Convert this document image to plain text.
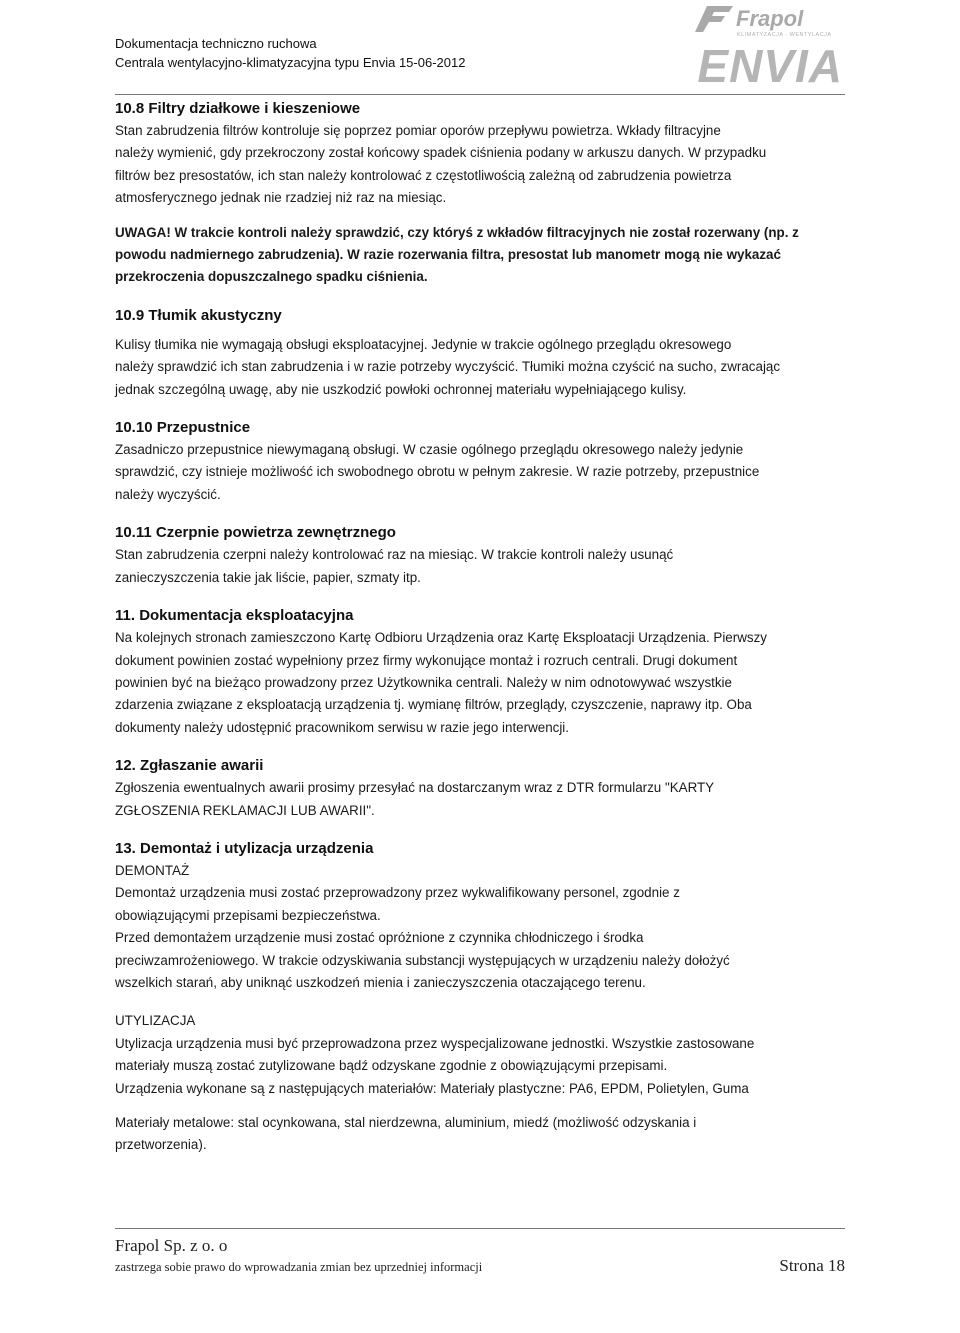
Dokumentacja techniczno ruchowa
Centrala wentylacyjno-klimatyzacyjna typu Envia 15-06-2012
Frapol
KLIMATYZACJA · WENTYLACJA
ENVIA

10.8 Filtry działkowe i kieszeniowe

Stan zabrudzenia filtrów kontroluje się poprzez pomiar oporów przepływu powietrza. Wkłady filtracyjne

należy wymienić, gdy przekroczony został końcowy spadek ciśnienia podany w arkuszu danych. W przypadku

filtrów bez presostatów, ich stan należy kontrolować z częstotliwością zależną od zabrudzenia powietrza

atmosferycznego jednak nie rzadziej niż raz na miesiąc.

UWAGA! W trakcie kontroli należy sprawdzić, czy któryś z wkładów filtracyjnych nie został rozerwany (np. z

powodu nadmiernego zabrudzenia). W razie rozerwania filtra, presostat lub manometr mogą nie wykazać

przekroczenia dopuszczalnego spadku ciśnienia.

10.9 Tłumik akustyczny

Kulisy tłumika nie wymagają obsługi eksploatacyjnej. Jedynie w trakcie ogólnego przeglądu okresowego

należy sprawdzić ich stan zabrudzenia i w razie potrzeby wyczyścić. Tłumiki można czyścić na sucho, zwracając

jednak szczególną uwagę, aby nie uszkodzić powłoki ochronnej materiału wypełniającego kulisy.

10.10 Przepustnice

Zasadniczo przepustnice niewymaganą obsługi. W czasie ogólnego przeglądu okresowego należy jedynie

sprawdzić, czy istnieje możliwość ich swobodnego obrotu w pełnym zakresie. W razie potrzeby, przepustnice

należy wyczyścić.

10.11 Czerpnie powietrza zewnętrznego

Stan zabrudzenia czerpni należy kontrolować raz na miesiąc. W trakcie kontroli należy usunąć

zanieczyszczenia takie jak liście, papier, szmaty itp.

11. Dokumentacja eksploatacyjna

Na kolejnych stronach zamieszczono Kartę Odbioru Urządzenia oraz Kartę Eksploatacji Urządzenia. Pierwszy

dokument powinien zostać wypełniony przez firmy wykonujące montaż i rozruch centrali. Drugi dokument

powinien być na bieżąco prowadzony przez Użytkownika centrali. Należy w nim odnotowywać wszystkie

zdarzenia związane z eksploatacją urządzenia tj. wymianę filtrów, przeglądy, czyszczenie, naprawy itp. Oba

dokumenty należy udostępnić pracownikom serwisu w razie jego interwencji.

12. Zgłaszanie awarii

Zgłoszenia ewentualnych awarii prosimy przesyłać na dostarczanym wraz z DTR formularzu "KARTY

ZGŁOSZENIA REKLAMACJI LUB AWARII".

13. Demontaż i utylizacja urządzenia

DEMONTAŻ

Demontaż urządzenia musi zostać przeprowadzony przez wykwalifikowany personel, zgodnie z

obowiązującymi przepisami bezpieczeństwa.

Przed demontażem urządzenie musi zostać opróżnione z czynnika chłodniczego i środka

preciwzamrożeniowego. W trakcie odzyskiwania substancji występujących w urządzeniu należy dołożyć

wszelkich starań, aby uniknąć uszkodzeń mienia i zanieczyszczenia otaczającego terenu.

UTYLIZACJA

Utylizacja urządzenia musi być przeprowadzona przez wyspecjalizowane jednostki. Wszystkie zastosowane

materiały muszą zostać zutylizowane bądź odzyskane zgodnie z obowiązującymi przepisami.

Urządzenia wykonane są z następujących materiałów: Materiały plastyczne: PA6, EPDM, Polietylen, Guma

Materiały metalowe: stal ocynkowana, stal nierdzewna, aluminium, miedź (możliwość odzyskania i

przetworzenia).

Frapol Sp. z o. o
zastrzega sobie prawo do wprowadzania zmian bez uprzedniej informacji	Strona 18
